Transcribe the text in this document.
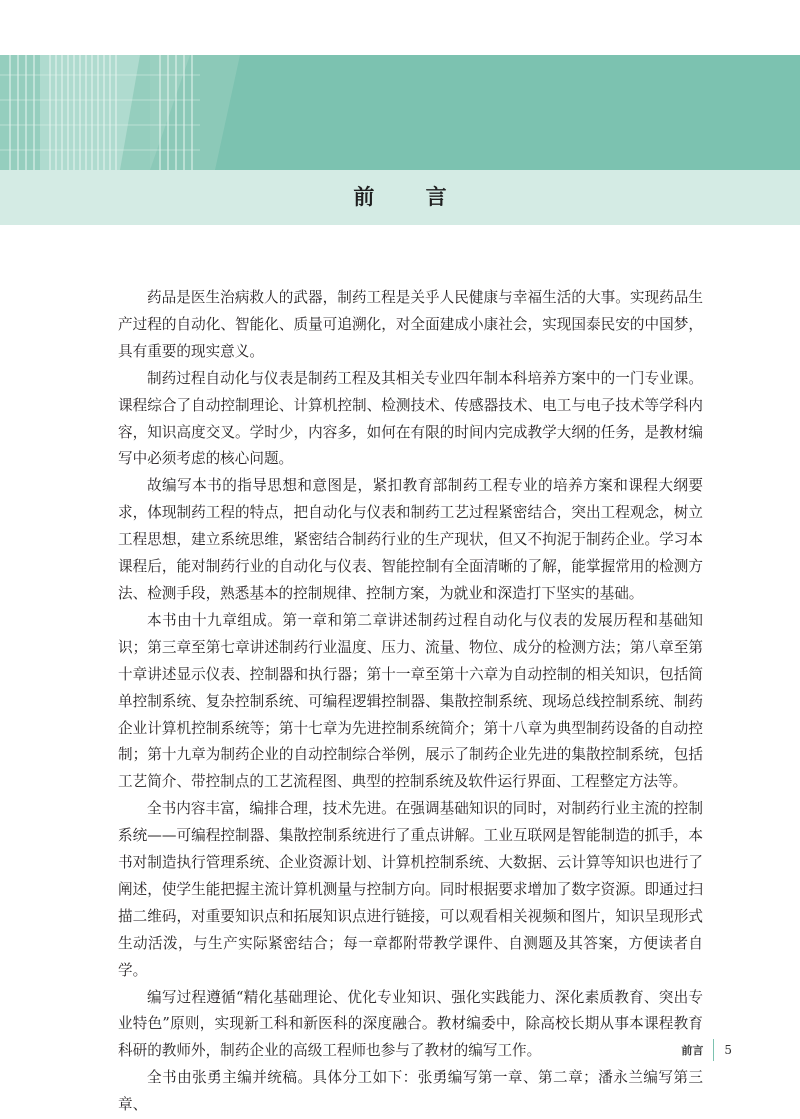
前 言

药品是医生治病救人的武器，制药工程是关乎人民健康与幸福生活的大事。实现药品生产过程的自动化、智能化、质量可追溯化，对全面建成小康社会，实现国泰民安的中国梦，具有重要的现实意义。

制药过程自动化与仪表是制药工程及其相关专业四年制本科培养方案中的一门专业课。课程综合了自动控制理论、计算机控制、检测技术、传感器技术、电工与电子技术等学科内容，知识高度交叉。学时少，内容多，如何在有限的时间内完成教学大纲的任务，是教材编写中必须考虑的核心问题。

故编写本书的指导思想和意图是，紧扣教育部制药工程专业的培养方案和课程大纲要求，体现制药工程的特点，把自动化与仪表和制药工艺过程紧密结合，突出工程观念，树立工程思想，建立系统思维，紧密结合制药行业的生产现状，但又不拘泥于制药企业。学习本课程后，能对制药行业的自动化与仪表、智能控制有全面清晰的了解，能掌握常用的检测方法、检测手段，熟悉基本的控制规律、控制方案，为就业和深造打下坚实的基础。

本书由十九章组成。第一章和第二章讲述制药过程自动化与仪表的发展历程和基础知识；第三章至第七章讲述制药行业温度、压力、流量、物位、成分的检测方法；第八章至第十章讲述显示仪表、控制器和执行器；第十一章至第十六章为自动控制的相关知识，包括简单控制系统、复杂控制系统、可编程逻辑控制器、集散控制系统、现场总线控制系统、制药企业计算机控制系统等；第十七章为先进控制系统简介；第十八章为典型制药设备的自动控制；第十九章为制药企业的自动控制综合举例，展示了制药企业先进的集散控制系统，包括工艺简介、带控制点的工艺流程图、典型的控制系统及软件运行界面、工程整定方法等。

全书内容丰富，编排合理，技术先进。在强调基础知识的同时，对制药行业主流的控制系统——可编程控制器、集散控制系统进行了重点讲解。工业互联网是智能制造的抓手，本书对制造执行管理系统、企业资源计划、计算机控制系统、大数据、云计算等知识也进行了阐述，使学生能把握主流计算机测量与控制方向。同时根据要求增加了数字资源。即通过扫描二维码，对重要知识点和拓展知识点进行链接，可以观看相关视频和图片，知识呈现形式生动活泼，与生产实际紧密结合；每一章都附带教学课件、自测题及其答案，方便读者自学。

编写过程遵循“精化基础理论、优化专业知识、强化实践能力、深化素质教育、突出专业特色”原则，实现新工科和新医科的深度融合。教材编委中，除高校长期从事本课程教育科研的教师外，制药企业的高级工程师也参与了教材的编写工作。

全书由张勇主编并统稿。具体分工如下：张勇编写第一章、第二章；潘永兰编写第三章、

前言 5
